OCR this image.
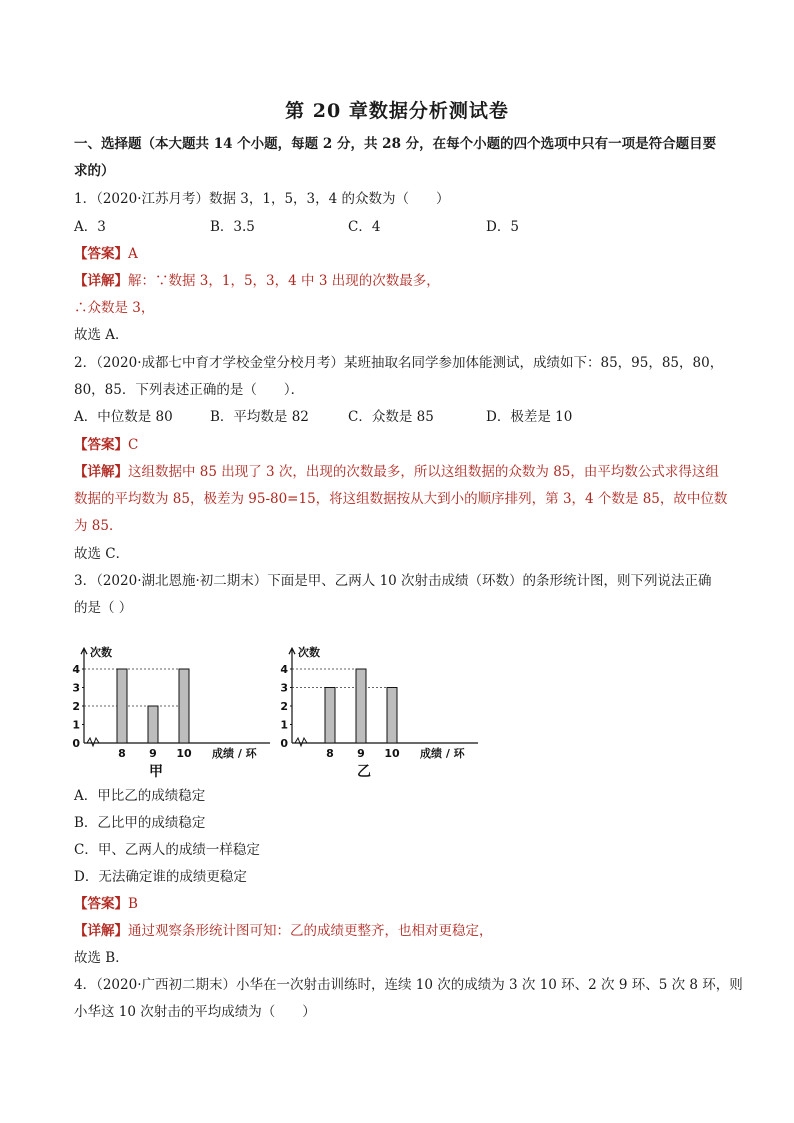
第 20 章数据分析测试卷
一、选择题（本大题共 14 个小题，每题 2 分，共 28 分，在每个小题的四个选项中只有一项是符合题目要
求的）
1．（2020·江苏月考）数据 3，1，5，3，4 的众数为（　　）
A．3	B．3.5	C．4	D．5
【答案】A
【详解】解：∵数据 3，1，5，3，4 中 3 出现的次数最多，
∴众数是 3，
故选 A．
2．（2020·成都七中育才学校金堂分校月考）某班抽取名同学参加体能测试，成绩如下：85，95，85，80，
80，85．下列表述正确的是（　　）．
A．中位数是 80	B．平均数是 82	C．众数是 85	D．极差是 10
【答案】C
【详解】这组数据中 85 出现了 3 次，出现的次数最多，所以这组数据的众数为 85，由平均数公式求得这组
数据的平均数为 85，极差为 95-80=15，将这组数据按从大到小的顺序排列，第 3，4 个数是 85，故中位数
为 85．
故选 C．
3．（2020·湖北恩施·初二期末）下面是甲、乙两人 10 次射击成绩（环数）的条形统计图，则下列说法正确
的是（ ）
次数
成绩 / 环
0
1
2
3
4
8 9 10
甲
次数
成绩 / 环
0
1
2
3
4
8 9 10
乙
A．甲比乙的成绩稳定
B．乙比甲的成绩稳定
C．甲、乙两人的成绩一样稳定
D．无法确定谁的成绩更稳定
【答案】B
【详解】通过观察条形统计图可知：乙的成绩更整齐，也相对更稳定，
故选 B．
4．（2020·广西初二期末）小华在一次射击训练时，连续 10 次的成绩为 3 次 10 环、2 次 9 环、5 次 8 环，则
小华这 10 次射击的平均成绩为（　　）
